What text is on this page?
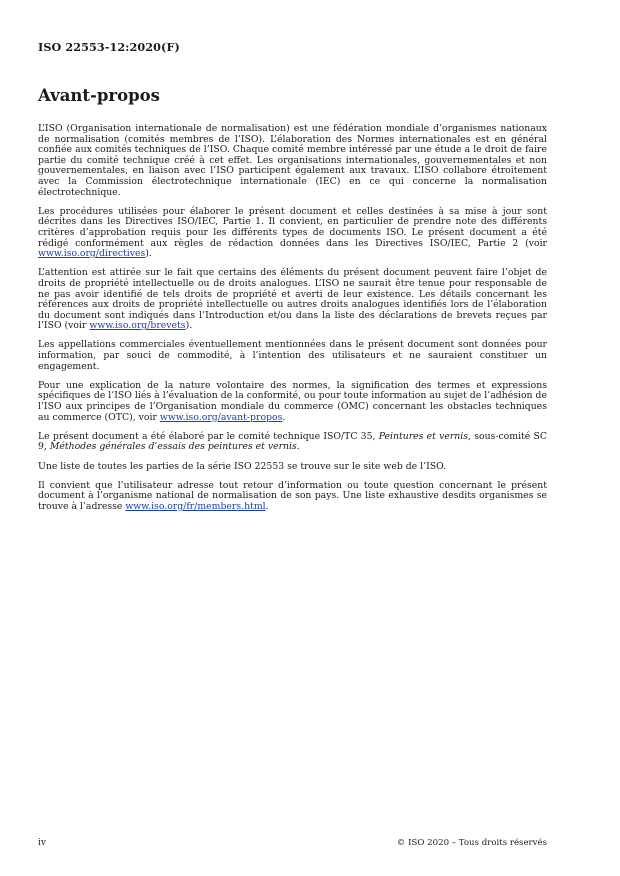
ISO 22553-12:2020(F)
Avant-propos

L’ISO (Organisation internationale de normalisation) est une fédération mondiale d’organismes nationaux de normalisation (comités membres de l’ISO). L’élaboration des Normes internationales est en général confiée aux comités techniques de l’ISO. Chaque comité membre intéressé par une étude a le droit de faire partie du comité technique créé à cet effet. Les organisations internationales, gouvernementales et non gouvernementales, en liaison avec l’ISO participent également aux travaux. L’ISO collabore étroitement avec la Commission électrotechnique internationale (IEC) en ce qui concerne la normalisation électrotechnique.

Les procédures utilisées pour élaborer le présent document et celles destinées à sa mise à jour sont décrites dans les Directives ISO/IEC, Partie 1. Il convient, en particulier de prendre note des différents critères d’approbation requis pour les différents types de documents ISO. Le présent document a été rédigé conformément aux règles de rédaction données dans les Directives ISO/IEC, Partie 2 (voir www.iso.org/directives).

L’attention est attirée sur le fait que certains des éléments du présent document peuvent faire l’objet de droits de propriété intellectuelle ou de droits analogues. L’ISO ne saurait être tenue pour responsable de ne pas avoir identifié de tels droits de propriété et averti de leur existence. Les détails concernant les références aux droits de propriété intellectuelle ou autres droits analogues identifiés lors de l’élaboration du document sont indiqués dans l’Introduction et/ou dans la liste des déclarations de brevets reçues par l’ISO (voir www.iso.org/brevets).

Les appellations commerciales éventuellement mentionnées dans le présent document sont données pour information, par souci de commodité, à l’intention des utilisateurs et ne sauraient constituer un engagement.

Pour une explication de la nature volontaire des normes, la signification des termes et expressions spécifiques de l’ISO liés à l’évaluation de la conformité, ou pour toute information au sujet de l’adhésion de l’ISO aux principes de l’Organisation mondiale du commerce (OMC) concernant les obstacles techniques au commerce (OTC), voir www.iso.org/avant-propos.

Le présent document a été élaboré par le comité technique ISO/TC 35, Peintures et vernis, sous-comité SC 9, Méthodes générales d’essais des peintures et vernis.

Une liste de toutes les parties de la série ISO 22553 se trouve sur le site web de l’ISO.

Il convient que l’utilisateur adresse tout retour d’information ou toute question concernant le présent document à l’organisme national de normalisation de son pays. Une liste exhaustive desdits organismes se trouve à l’adresse www.iso.org/fr/members.html.

iv	© ISO 2020 – Tous droits réservés
